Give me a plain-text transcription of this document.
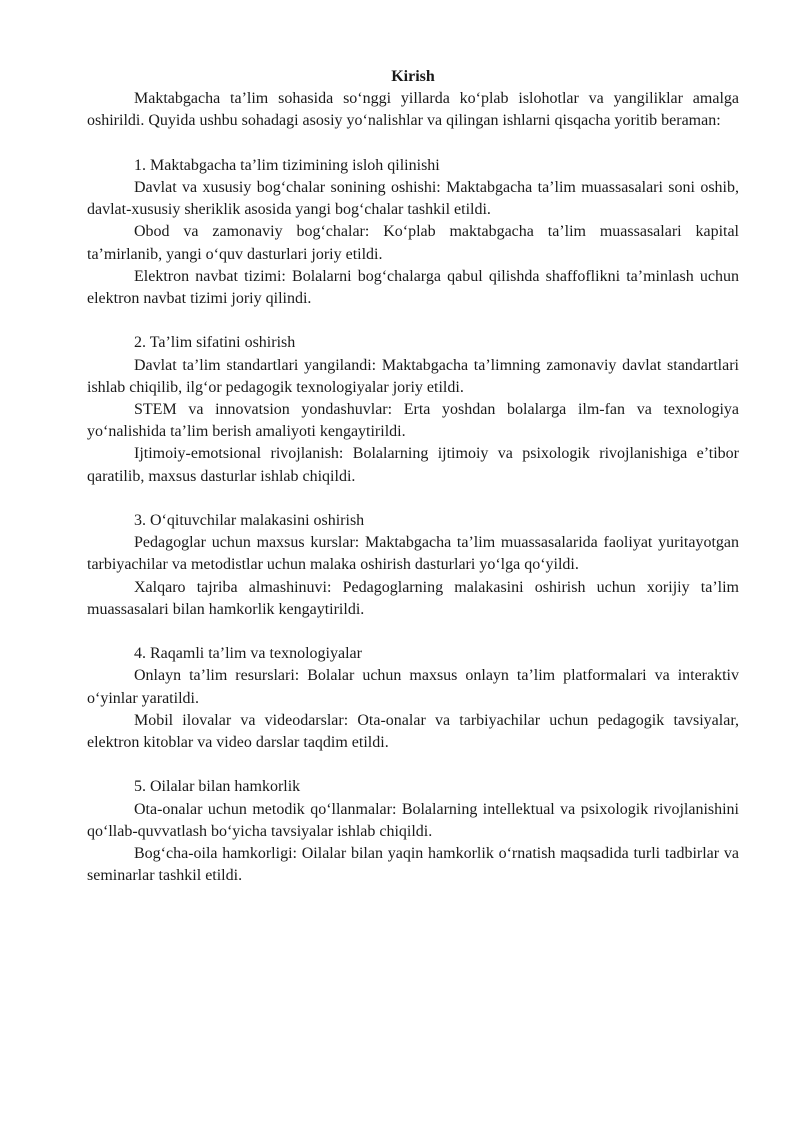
Kirish

Maktabgacha ta’lim sohasida so‘nggi yillarda ko‘plab islohotlar va yangiliklar amalga oshirildi. Quyida ushbu sohadagi asosiy yo‘nalishlar va qilingan ishlarni qisqacha yoritib beraman:

1. Maktabgacha ta’lim tizimining isloh qilinishi

Davlat va xususiy bog‘chalar sonining oshishi: Maktabgacha ta’lim muassasalari soni oshib, davlat-xususiy sheriklik asosida yangi bog‘chalar tashkil etildi.

Obod va zamonaviy bog‘chalar: Ko‘plab maktabgacha ta’lim muassasalari kapital ta’mirlanib, yangi o‘quv dasturlari joriy etildi.

Elektron navbat tizimi: Bolalarni bog‘chalarga qabul qilishda shaffoflikni ta’minlash uchun elektron navbat tizimi joriy qilindi.

2. Ta’lim sifatini oshirish

Davlat ta’lim standartlari yangilandi: Maktabgacha ta’limning zamonaviy davlat standartlari ishlab chiqilib, ilg‘or pedagogik texnologiyalar joriy etildi.

STEM va innovatsion yondashuvlar: Erta yoshdan bolalarga ilm-fan va texnologiya yo‘nalishida ta’lim berish amaliyoti kengaytirildi.

Ijtimoiy-emotsional rivojlanish: Bolalarning ijtimoiy va psixologik rivojlanishiga e’tibor qaratilib, maxsus dasturlar ishlab chiqildi.

3. O‘qituvchilar malakasini oshirish

Pedagoglar uchun maxsus kurslar: Maktabgacha ta’lim muassasalarida faoliyat yuritayotgan tarbiyachilar va metodistlar uchun malaka oshirish dasturlari yo‘lga qo‘yildi.

Xalqaro tajriba almashinuvi: Pedagoglarning malakasini oshirish uchun xorijiy ta’lim muassasalari bilan hamkorlik kengaytirildi.

4. Raqamli ta’lim va texnologiyalar

Onlayn ta’lim resurslari: Bolalar uchun maxsus onlayn ta’lim platformalari va interaktiv o‘yinlar yaratildi.

Mobil ilovalar va videodarslar: Ota-onalar va tarbiyachilar uchun pedagogik tavsiyalar, elektron kitoblar va video darslar taqdim etildi.

5. Oilalar bilan hamkorlik

Ota-onalar uchun metodik qo‘llanmalar: Bolalarning intellektual va psixologik rivojlanishini qo‘llab-quvvatlash bo‘yicha tavsiyalar ishlab chiqildi.

Bog‘cha-oila hamkorligi: Oilalar bilan yaqin hamkorlik o‘rnatish maqsadida turli tadbirlar va seminarlar tashkil etildi.
